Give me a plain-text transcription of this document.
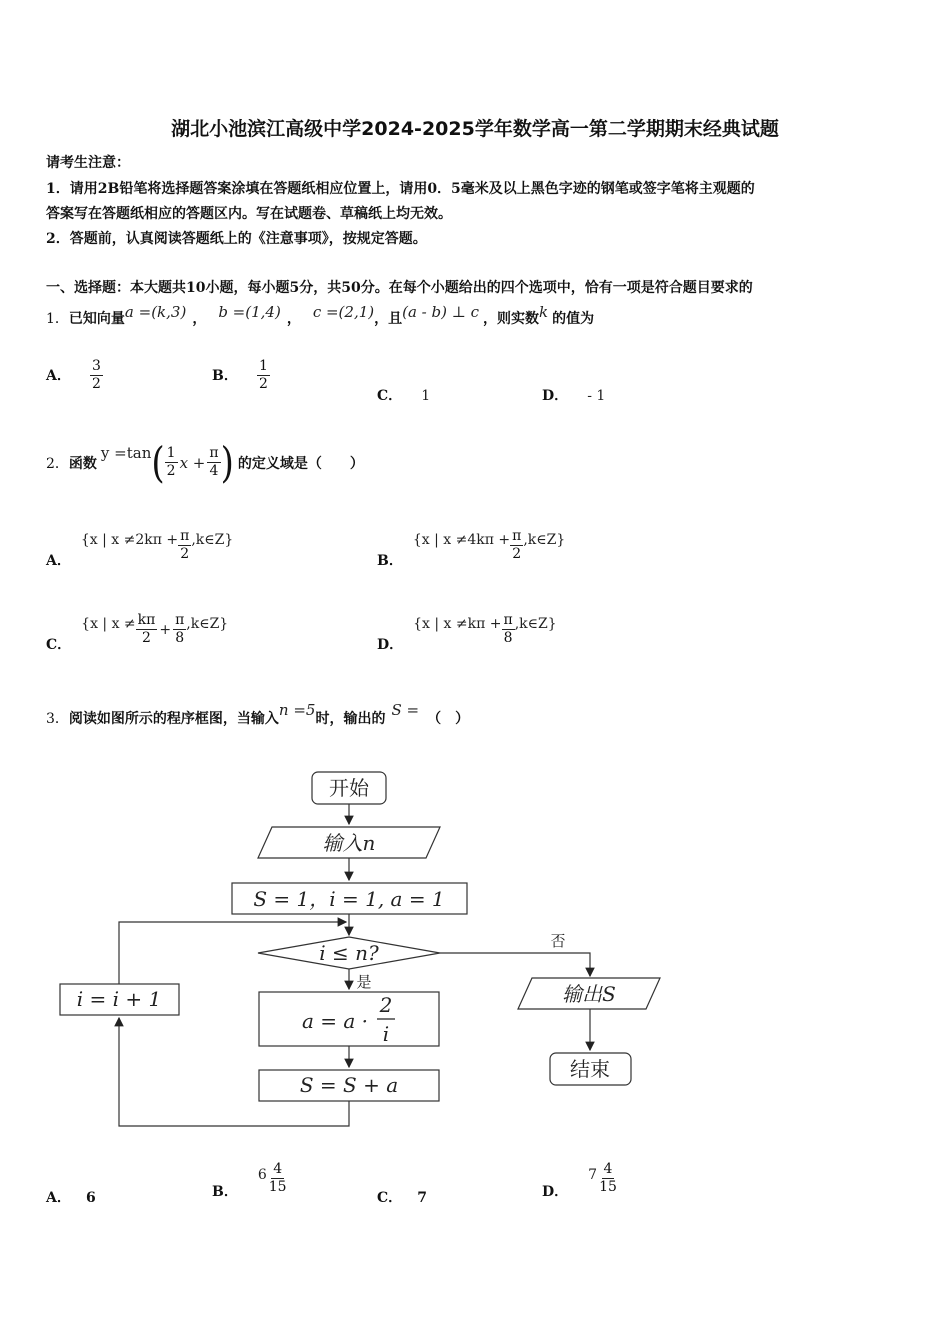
湖北小池滨江高级中学2024-2025学年数学高一第二学期期末经典试题
请考生注意：
1．请用2B铅笔将选择题答案涂填在答题纸相应位置上，请用0．5毫米及以上黑色字迹的钢笔或签字笔将主观题的
答案写在答题纸相应的答题区内。写在试题卷、草稿纸上均无效。
2．答题前，认真阅读答题纸上的《注意事项》，按规定答题。
一、选择题：本大题共10小题，每小题5分，共50分。在每个小题给出的四个选项中，恰有一项是符合题目要求的
1．已知向量a =(k,3) ， b =(1,4) ， c =(2,1)，且(a - b) ⊥ c ，则实数k 的值为
A． $\frac{3}{2}$	B． $\frac{1}{2}$
C． 1	D． - 1
2． 函数
y =tan ( $\frac{1}{2}$ $x + \frac{\pi}{4}$ ) 的定义域是（　　）
A．
{x | $x \ne 2k\pi + \frac{\pi}{2}$ ,k∈Z}
B．
{x | $x \ne 4k\pi + \frac{\pi}{2}$ ,k∈Z}
C．
{x | $x \ne \frac{k\pi}{2} + \frac{\pi}{8}$ ,k∈Z}
D．
{x | $x \ne k\pi + \frac{\pi}{8}$ ,k∈Z}
3．阅读如图所示的程序框图，当输入n =5时，输出的 S = （　）
开始
输入n
S = 1，i = 1, a = 1
i ≤ n?	否
是
a = a ·
2
i
S = S + a
i = i + 1	输出S
结束
A． 6	B．
$6 \frac{4}{15}$
C． 7	D．
$7 \frac{4}{15}$
